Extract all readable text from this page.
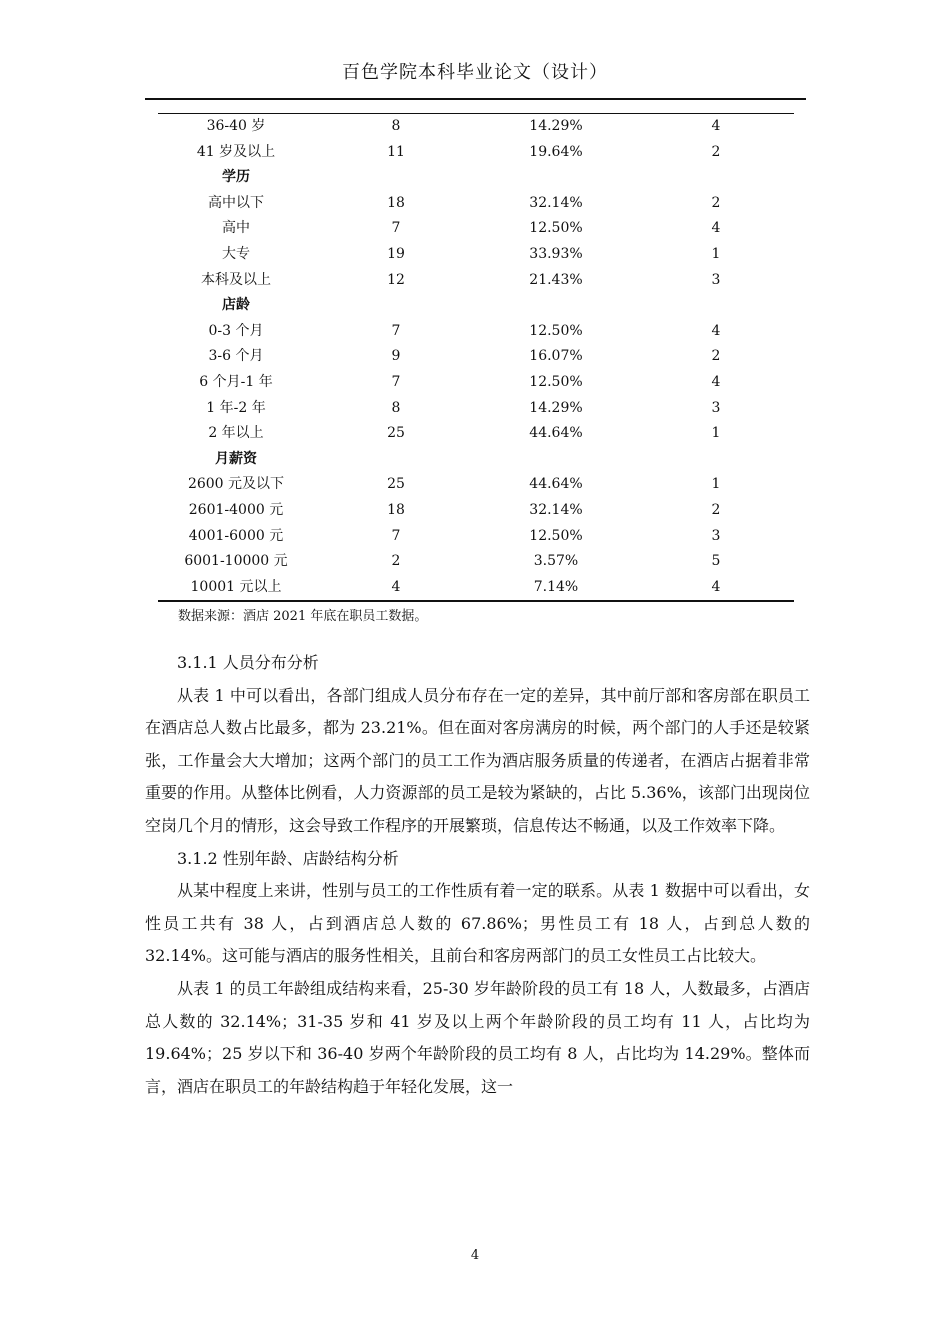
百色学院本科毕业论文（设计）
36-40 岁	8	14.29%	4
41 岁及以上	11	19.64%	2
学历
高中以下	18	32.14%	2
高中	7	12.50%	4
大专	19	33.93%	1
本科及以上	12	21.43%	3
店龄
0-3 个月	7	12.50%	4
3-6 个月	9	16.07%	2
6 个月-1 年	7	12.50%	4
1 年-2 年	8	14.29%	3
2 年以上	25	44.64%	1
月薪资
2600 元及以下	25	44.64%	1
2601-4000 元	18	32.14%	2
4001-6000 元	7	12.50%	3
6001-10000 元	2	3.57%	5
10001 元以上	4	7.14%	4
数据来源：酒店 2021 年底在职员工数据。

3.1.1 人员分布分析

从表 1 中可以看出，各部门组成人员分布存在一定的差异，其中前厅部和客房部在职员工在酒店总人数占比最多，都为 23.21%。但在面对客房满房的时候，两个部门的人手还是较紧张，工作量会大大增加；这两个部门的员工工作为酒店服务质量的传递者，在酒店占据着非常重要的作用。从整体比例看，人力资源部的员工是较为紧缺的，占比 5.36%，该部门出现岗位空岗几个月的情形，这会导致工作程序的开展繁琐，信息传达不畅通，以及工作效率下降。

3.1.2 性别年龄、店龄结构分析

从某中程度上来讲，性别与员工的工作性质有着一定的联系。从表 1 数据中可以看出，女性员工共有 38 人，占到酒店总人数的 67.86%；男性员工有 18 人，占到总人数的 32.14%。这可能与酒店的服务性相关，且前台和客房两部门的员工女性员工占比较大。

从表 1 的员工年龄组成结构来看，25-30 岁年龄阶段的员工有 18 人，人数最多，占酒店总人数的 32.14%；31-35 岁和 41 岁及以上两个年龄阶段的员工均有 11 人，占比均为 19.64%；25 岁以下和 36-40 岁两个年龄阶段的员工均有 8 人，占比均为 14.29%。整体而言，酒店在职员工的年龄结构趋于年轻化发展，这一

4
